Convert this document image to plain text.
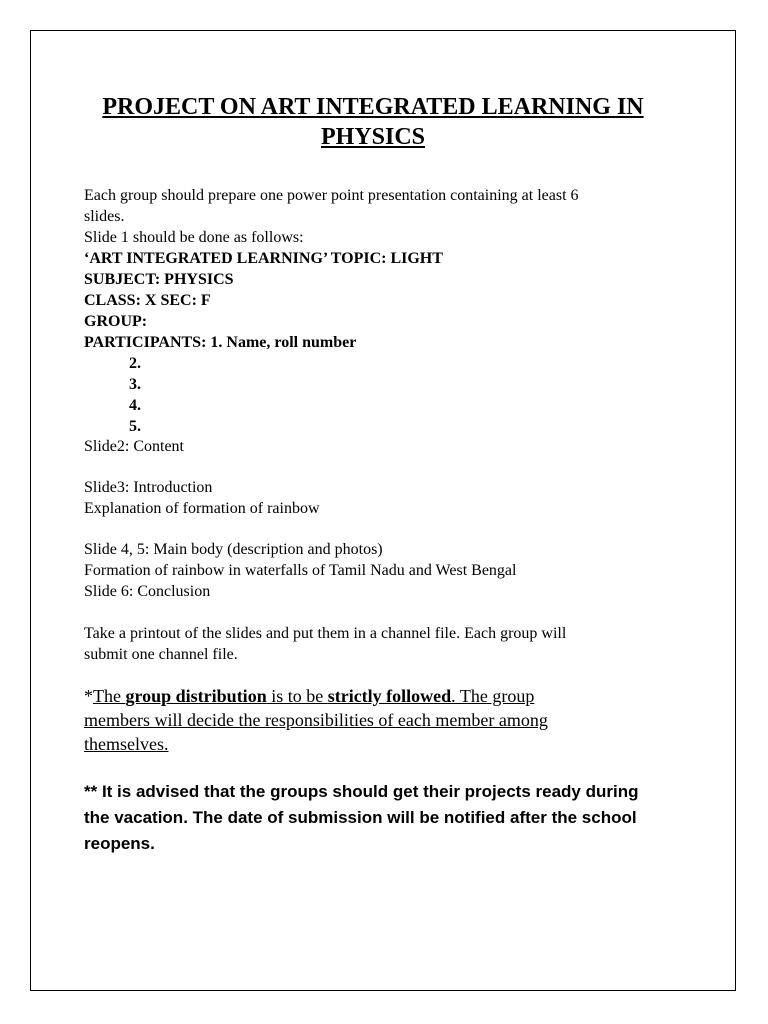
PROJECT ON ART INTEGRATED LEARNING IN
PHYSICS
Each group should prepare one power point presentation containing at least 6
slides.
Slide 1 should be done as follows:
‘ART INTEGRATED LEARNING’ TOPIC: LIGHT
SUBJECT: PHYSICS
CLASS: X SEC: F
GROUP:
PARTICIPANTS: 1. Name, roll number
2.
3.
4.
5.
Slide2: Content
Slide3: Introduction
Explanation of formation of rainbow
Slide 4, 5: Main body (description and photos)
Formation of rainbow in waterfalls of Tamil Nadu and West Bengal
Slide 6: Conclusion
Take a printout of the slides and put them in a channel file. Each group will
submit one channel file.
*The group distribution is to be strictly followed. The group
members will decide the responsibilities of each member among
themselves.
** It is advised that the groups should get their projects ready during
the vacation. The date of submission will be notified after the school
reopens.
